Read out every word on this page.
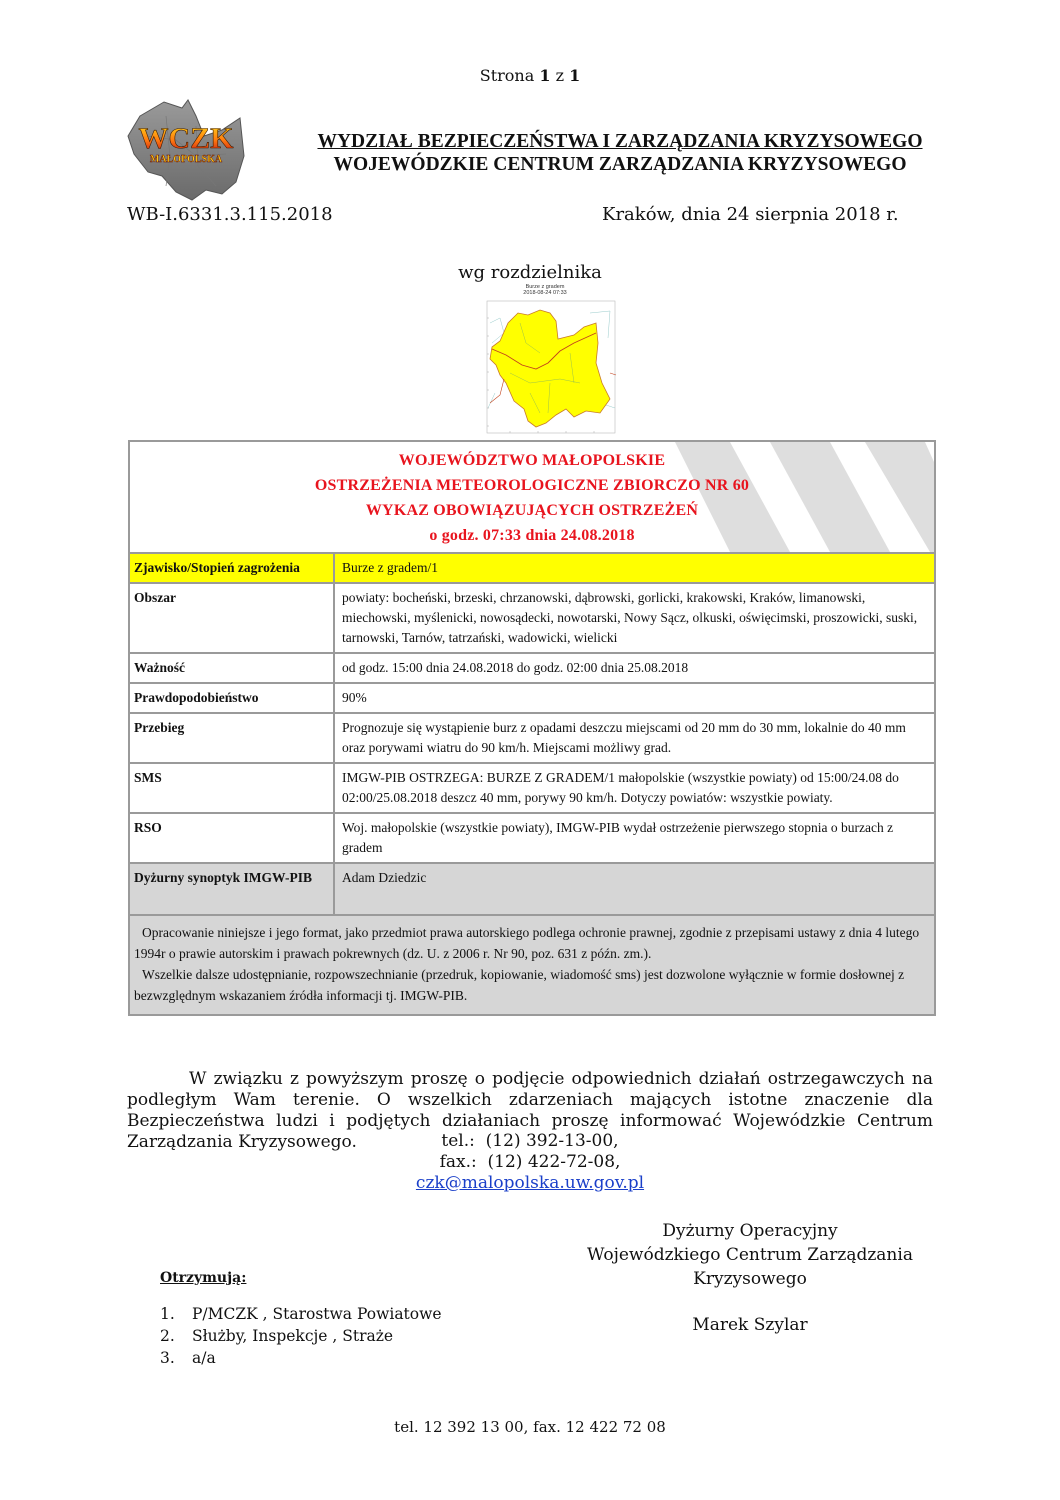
Strona 1 z 1
WCZK
MAŁOPOLSKA
WYDZIAŁ BEZPIECZEŃSTWA I ZARZĄDZANIA KRYZYSOWEGO
WOJEWÓDZKIE CENTRUM ZARZĄDZANIA KRYZYSOWEGO
WB-I.6331.3.115.2018	Kraków, dnia 24 sierpnia 2018 r.
wg rozdzielnika
Burze z gradem
2018-08-24 07:33
WOJEWÓDZTWO MAŁOPOLSKIE
OSTRZEŻENIA METEOROLOGICZNE ZBIORCZO NR 60
WYKAZ OBOWIĄZUJĄCYCH OSTRZEŻEŃ
o godz. 07:33 dnia 24.08.2018
Zjawisko/Stopień zagrożenia	Burze z gradem/1
Obszar	powiaty: bocheński, brzeski, chrzanowski, dąbrowski, gorlicki, krakowski, Kraków, limanowski, miechowski, myślenicki, nowosądecki, nowotarski, Nowy Sącz, olkuski, oświęcimski, proszowicki, suski, tarnowski, Tarnów, tatrzański, wadowicki, wielicki
Ważność	od godz. 15:00 dnia 24.08.2018 do godz. 02:00 dnia 25.08.2018
Prawdopodobieństwo	90%
Przebieg	Prognozuje się wystąpienie burz z opadami deszczu miejscami od 20 mm do 30 mm, lokalnie do 40 mm oraz porywami wiatru do 90 km/h. Miejscami możliwy grad.
SMS	IMGW-PIB OSTRZEGA: BURZE Z GRADEM/1 małopolskie (wszystkie powiaty) od 15:00/24.08 do 02:00/25.08.2018 deszcz 40 mm, porywy 90 km/h. Dotyczy powiatów: wszystkie powiaty.
RSO	Woj. małopolskie (wszystkie powiaty), IMGW-PIB wydał ostrzeżenie pierwszego stopnia o burzach z gradem
Dyżurny synoptyk IMGW-PIB	Adam Dziedzic

Opracowanie niniejsze i jego format, jako przedmiot prawa autorskiego podlega ochronie prawnej, zgodnie z przepisami ustawy z dnia 4 lutego 1994r o prawie autorskim i prawach pokrewnych (dz. U. z 2006 r. Nr 90, poz. 631 z późn. zm.).

Wszelkie dalsze udostępnianie, rozpowszechnianie (przedruk, kopiowanie, wiadomość sms) jest dozwolone wyłącznie w formie dosłownej z bezwzględnym wskazaniem źródła informacji tj. IMGW-PIB.

W związku z powyższym proszę o podjęcie odpowiednich działań ostrzegawczych na podległym Wam terenie. O wszelkich zdarzeniach mających istotne znaczenie dla Bezpieczeństwa ludzi i podjętych działaniach proszę informować Wojewódzkie Centrum Zarządzania Kryzysowego.	tel.:  (12) 392-13-00,
fax.:  (12) 422-72-08,
czk@malopolska.uw.gov.pl
Dyżurny Operacyjny
Wojewódzkiego Centrum Zarządzania
Kryzysowego
Marek Szylar
Otrzymują:
1. P/MCZK , Starostwa Powiatowe
2. Służby, Inspekcje , Straże
3. a/a
tel. 12 392 13 00, fax. 12 422 72 08
